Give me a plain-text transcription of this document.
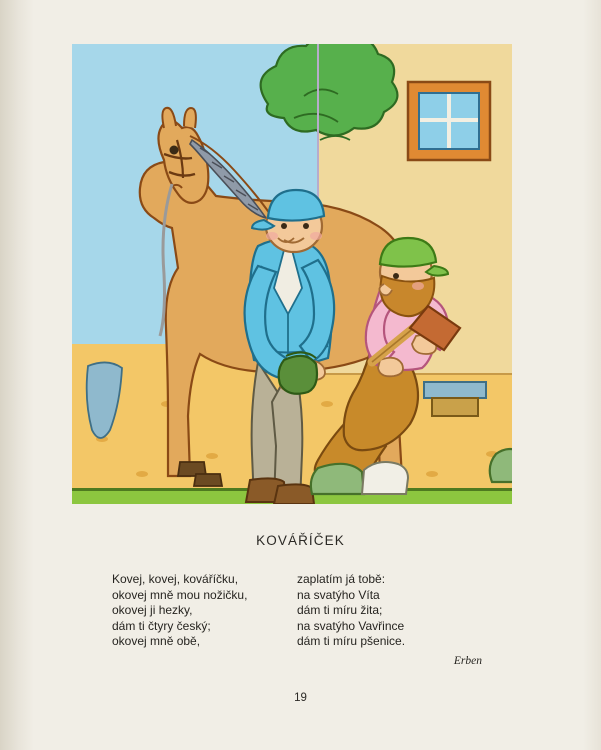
KOVÁŘÍČEK
Kovej, kovej, kováříčku,
okovej mně mou nožičku,
okovej ji hezky,
dám ti čtyry český;
okovej mně obě,
zaplatím já tobě:
na svatýho Víta
dám ti míru žita;
na svatýho Vavřince
dám ti míru pšenice.
Erben
19
